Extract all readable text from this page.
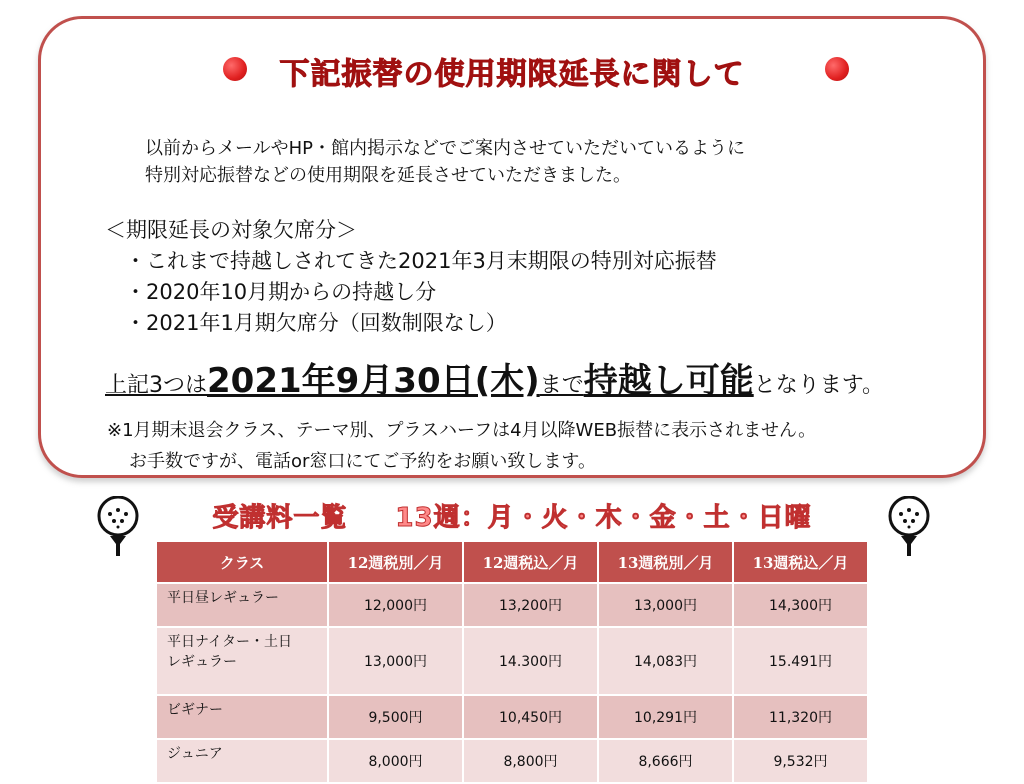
下記振替の使用期限延長に関して
以前からメールやHP・館内掲示などでご案内させていただいているように
特別対応振替などの使用期限を延長させていただきました。
＜期限延長の対象欠席分＞
・これまで持越しされてきた2021年3月末期限の特別対応振替
・2020年10月期からの持越し分
・2021年1月期欠席分（回数制限なし）
上記3つは2021年9月30日(木)まで持越し可能となります。
※1月期末退会クラス、テーマ別、プラスハーフは4月以降WEB振替に表示されません。
お手数ですが、電話or窓口にてご予約をお願い致します。
受講料一覧 13週：月・火・木・金・土・日曜
クラス	12週税別／月	12週税込／月	13週税別／月	13週税込／月
平日昼レギュラー	12,000円	13,200円	13,000円	14,300円
平日ナイター・土日
レギュラー	13,000円	14.300円	14,083円	15.491円
ビギナー	9,500円	10,450円	10,291円	11,320円
ジュニア	8,000円	8,800円	8,666円	9,532円
